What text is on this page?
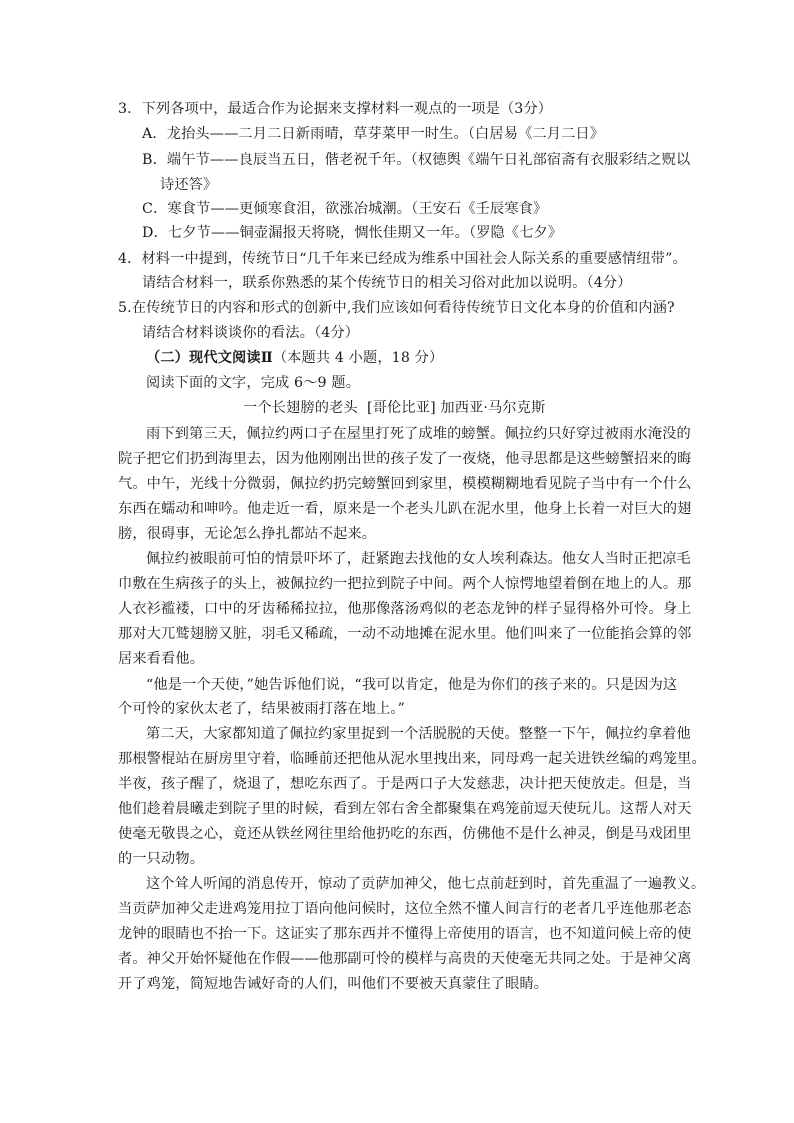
3．下列各项中，最适合作为论据来支撑材料一观点的一项是（3分）
A．龙抬头——二月二日新雨晴，草芽菜甲一时生。（白居易《二月二日》
B．端午节——良辰当五日，偕老祝千年。（权德舆《端午日礼部宿斋有衣服彩结之贶以
诗还答》
C．寒食节——更倾寒食泪，欲涨冶城潮。（王安石《壬辰寒食》
D．七夕节——铜壶漏报天将晓，惆怅佳期又一年。（罗隐《七夕》
4．材料一中提到，传统节日“几千年来已经成为维系中国社会人际关系的重要感情纽带”。
请结合材料一，联系你熟悉的某个传统节日的相关习俗对此加以说明。（4分）
5.在传统节日的内容和形式的创新中,我们应该如何看待传统节日文化本身的价值和内涵?
请结合材料谈谈你的看法。（4分）
（二）现代文阅读Ⅱ（本题共 4 小题，18 分）
阅读下面的文字，完成 6～9 题。
一个长翅膀的老头 [哥伦比亚] 加西亚·马尔克斯
雨下到第三天，佩拉约两口子在屋里打死了成堆的螃蟹。佩拉约只好穿过被雨水淹没的
院子把它们扔到海里去，因为他刚刚出世的孩子发了一夜烧，他寻思都是这些螃蟹招来的晦
气。中午，光线十分微弱，佩拉约扔完螃蟹回到家里，模模糊糊地看见院子当中有一个什么
东西在蠕动和呻吟。他走近一看，原来是一个老头儿趴在泥水里，他身上长着一对巨大的翅
膀，很碍事，无论怎么挣扎都站不起来。
佩拉约被眼前可怕的情景吓坏了，赶紧跑去找他的女人埃利森达。他女人当时正把凉毛
巾敷在生病孩子的头上，被佩拉约一把拉到院子中间。两个人惊愕地望着倒在地上的人。那
人衣衫褴褛，口中的牙齿稀稀拉拉，他那像落汤鸡似的老态龙钟的样子显得格外可怜。身上
那对大兀鹫翅膀又脏，羽毛又稀疏，一动不动地摊在泥水里。他们叫来了一位能掐会算的邻
居来看看他。
“他是一个天使，”她告诉他们说，“我可以肯定，他是为你们的孩子来的。只是因为这
个可怜的家伙太老了，结果被雨打落在地上。”
第二天，大家都知道了佩拉约家里捉到一个活脱脱的天使。整整一下午，佩拉约拿着他
那根警棍站在厨房里守着，临睡前还把他从泥水里拽出来，同母鸡一起关进铁丝编的鸡笼里。
半夜，孩子醒了，烧退了，想吃东西了。于是两口子大发慈悲，决计把天使放走。但是，当
他们趁着晨曦走到院子里的时候，看到左邻右舍全都聚集在鸡笼前逗天使玩儿。这帮人对天
使毫无敬畏之心，竟还从铁丝网往里给他扔吃的东西，仿佛他不是什么神灵，倒是马戏团里
的一只动物。
这个耸人听闻的消息传开，惊动了贡萨加神父，他七点前赶到时，首先重温了一遍教义。
当贡萨加神父走进鸡笼用拉丁语向他问候时，这位全然不懂人间言行的老者几乎连他那老态
龙钟的眼睛也不抬一下。这证实了那东西并不懂得上帝使用的语言，也不知道问候上帝的使
者。神父开始怀疑他在作假——他那副可怜的模样与高贵的天使毫无共同之处。于是神父离
开了鸡笼，简短地告诫好奇的人们，叫他们不要被天真蒙住了眼睛。
